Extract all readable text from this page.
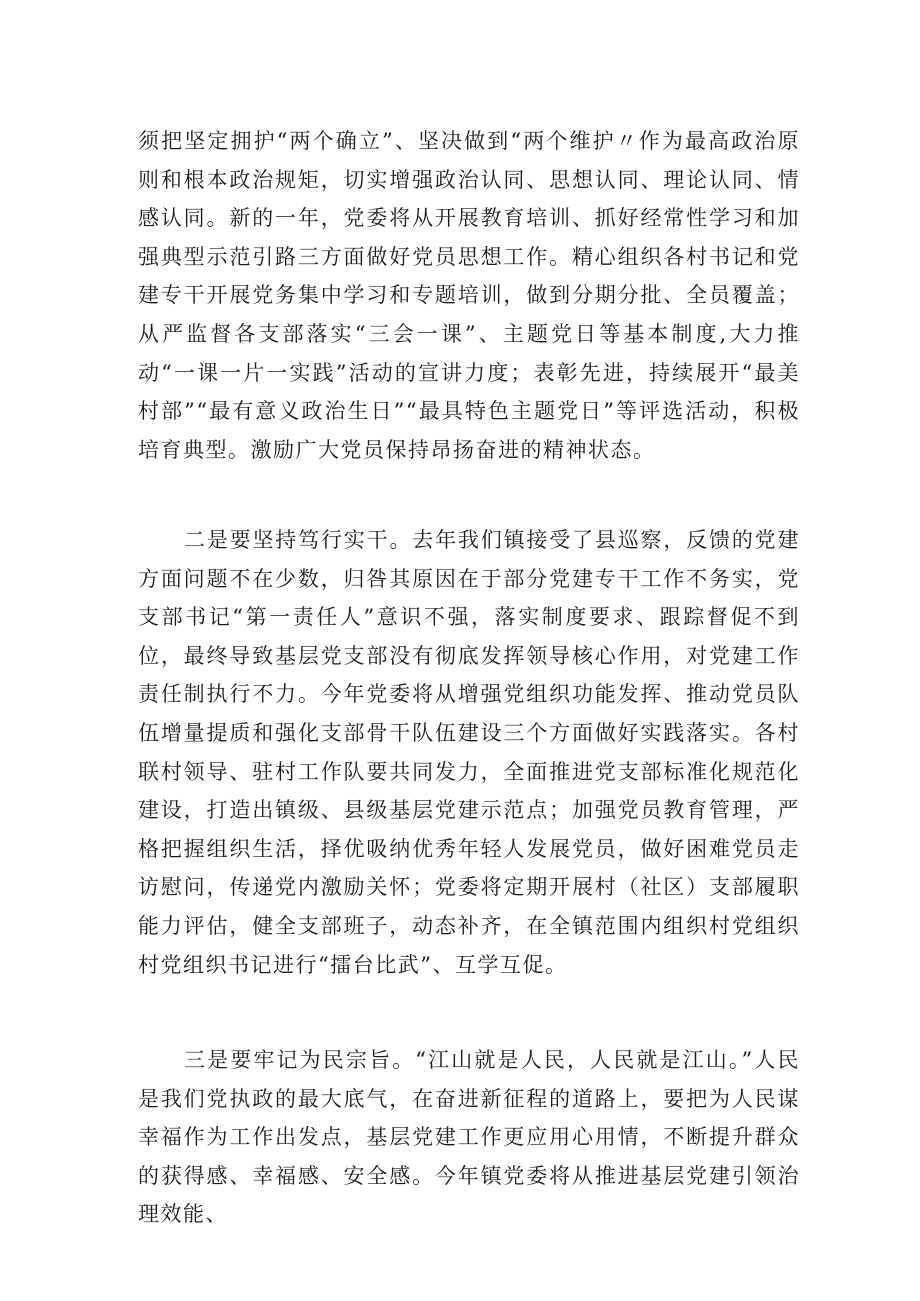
须把坚定拥护“两个确立”、坚决做到“两个维护〃作为最高政治原则和根本政治规矩，切实增强政治认同、思想认同、理论认同、情感认同。新的一年，党委将从开展教育培训、抓好经常性学习和加强典型示范引路三方面做好党员思想工作。精心组织各村书记和党建专干开展党务集中学习和专题培训，做到分期分批、全员覆盖；从严监督各支部落实“三会一课”、主题党日等基本制度,大力推动“一课一片一实践”活动的宣讲力度；表彰先进，持续展开“最美村部”“最有意义政治生日”“最具特色主题党日”等评选活动，积极培育典型。激励广大党员保持昂扬奋进的精神状态。

二是要坚持笃行实干。去年我们镇接受了县巡察，反馈的党建方面问题不在少数，归咎其原因在于部分党建专干工作不务实，党支部书记“第一责任人”意识不强，落实制度要求、跟踪督促不到位，最终导致基层党支部没有彻底发挥领导核心作用，对党建工作责任制执行不力。今年党委将从增强党组织功能发挥、推动党员队伍增量提质和强化支部骨干队伍建设三个方面做好实践落实。各村联村领导、驻村工作队要共同发力，全面推进党支部标准化规范化建设，打造出镇级、县级基层党建示范点；加强党员教育管理，严格把握组织生活，择优吸纳优秀年轻人发展党员，做好困难党员走访慰问，传递党内激励关怀；党委将定期开展村（社区）支部履职能力评估，健全支部班子，动态补齐，在全镇范围内组织村党组织村党组织书记进行“擂台比武”、互学互促。

三是要牢记为民宗旨。“江山就是人民，人民就是江山。”人民是我们党执政的最大底气，在奋进新征程的道路上，要把为人民谋幸福作为工作出发点，基层党建工作更应用心用情，不断提升群众的获得感、幸福感、安全感。今年镇党委将从推进基层党建引领治理效能、
